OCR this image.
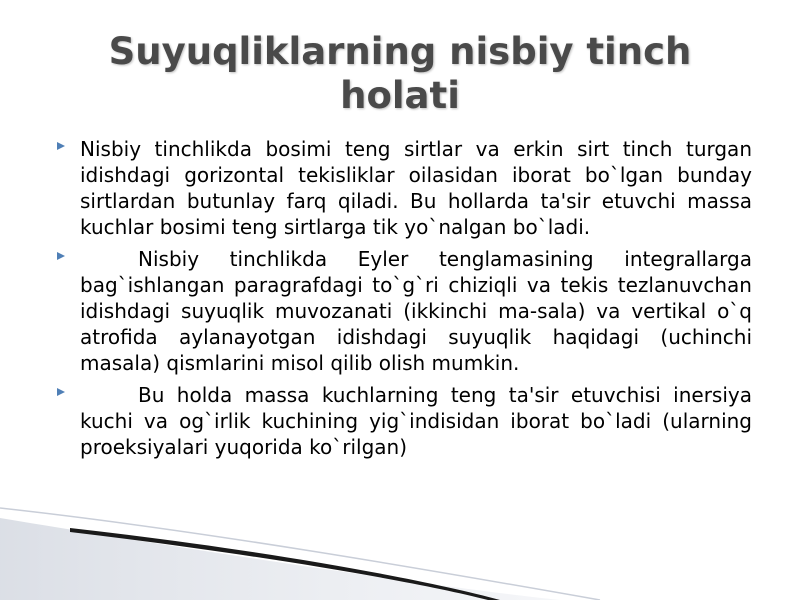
Suyuqliklarning nisbiy tinch holati
Nisbiy tinchlikda bosimi teng sirtlar va erkin sirt tinch turgan idishdagi gorizontal tekisliklar oilasidan iborat bo`lgan bunday sirtlardan butunlay farq qiladi. Bu hollarda ta'sir etuvchi massa kuchlar bosimi teng sirtlarga tik yo`nalgan bo`ladi.
Nisbiy tinchlikda Eyler tenglamasining integrallarga bag`ishlangan paragrafdagi to`g`ri chiziqli va tekis tezlanuvchan idishdagi suyuqlik muvozanati (ikkinchi ma-sala) va vertikal o`q atrofida aylanayotgan idishdagi suyuqlik haqidagi (uchinchi masala) qismlarini misol qilib olish mumkin.
Bu holda massa kuchlarning teng ta'sir etuvchisi inersiya kuchi va og`irlik kuchining yig`indisidan iborat bo`ladi (ularning proeksiyalari yuqorida ko`rilgan)
